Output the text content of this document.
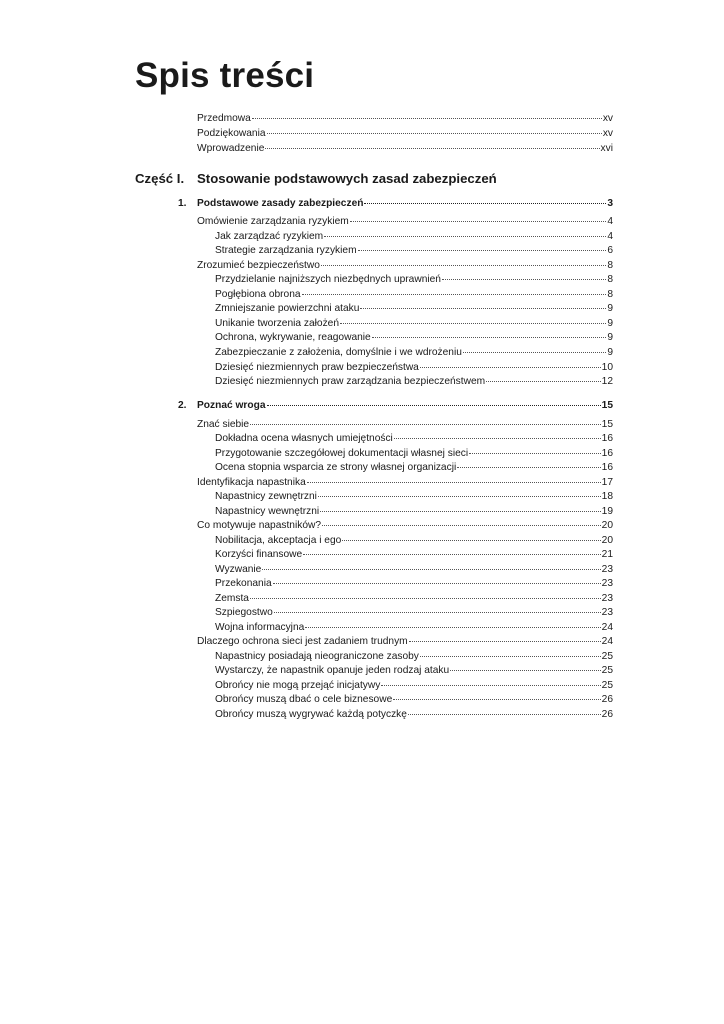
Spis treści
Przedmowa	xv
Podziękowania	xv
Wprowadzenie	xvi
Część I. Stosowanie podstawowych zasad zabezpieczeń
1. Podstawowe zasady zabezpieczeń	3
Omówienie zarządzania ryzykiem	4
Jak zarządzać ryzykiem	4
Strategie zarządzania ryzykiem	6
Zrozumieć bezpieczeństwo	8
Przydzielanie najniższych niezbędnych uprawnień	8
Pogłębiona obrona	8
Zmniejszanie powierzchni ataku	9
Unikanie tworzenia założeń	9
Ochrona, wykrywanie, reagowanie	9
Zabezpieczanie z założenia, domyślnie i we wdrożeniu	9
Dziesięć niezmiennych praw bezpieczeństwa	10
Dziesięć niezmiennych praw zarządzania bezpieczeństwem	12
2. Poznać wroga	15
Znać siebie	15
Dokładna ocena własnych umiejętności	16
Przygotowanie szczegółowej dokumentacji własnej sieci	16
Ocena stopnia wsparcia ze strony własnej organizacji	16
Identyfikacja napastnika	17
Napastnicy zewnętrzni	18
Napastnicy wewnętrzni	19
Co motywuje napastników?	20
Nobilitacja, akceptacja i ego	20
Korzyści finansowe	21
Wyzwanie	23
Przekonania	23
Zemsta	23
Szpiegostwo	23
Wojna informacyjna	24
Dlaczego ochrona sieci jest zadaniem trudnym	24
Napastnicy posiadają nieograniczone zasoby	25
Wystarczy, że napastnik opanuje jeden rodzaj ataku	25
Obrońcy nie mogą przejąć inicjatywy	25
Obrońcy muszą dbać o cele biznesowe	26
Obrońcy muszą wygrywać każdą potyczkę	26
